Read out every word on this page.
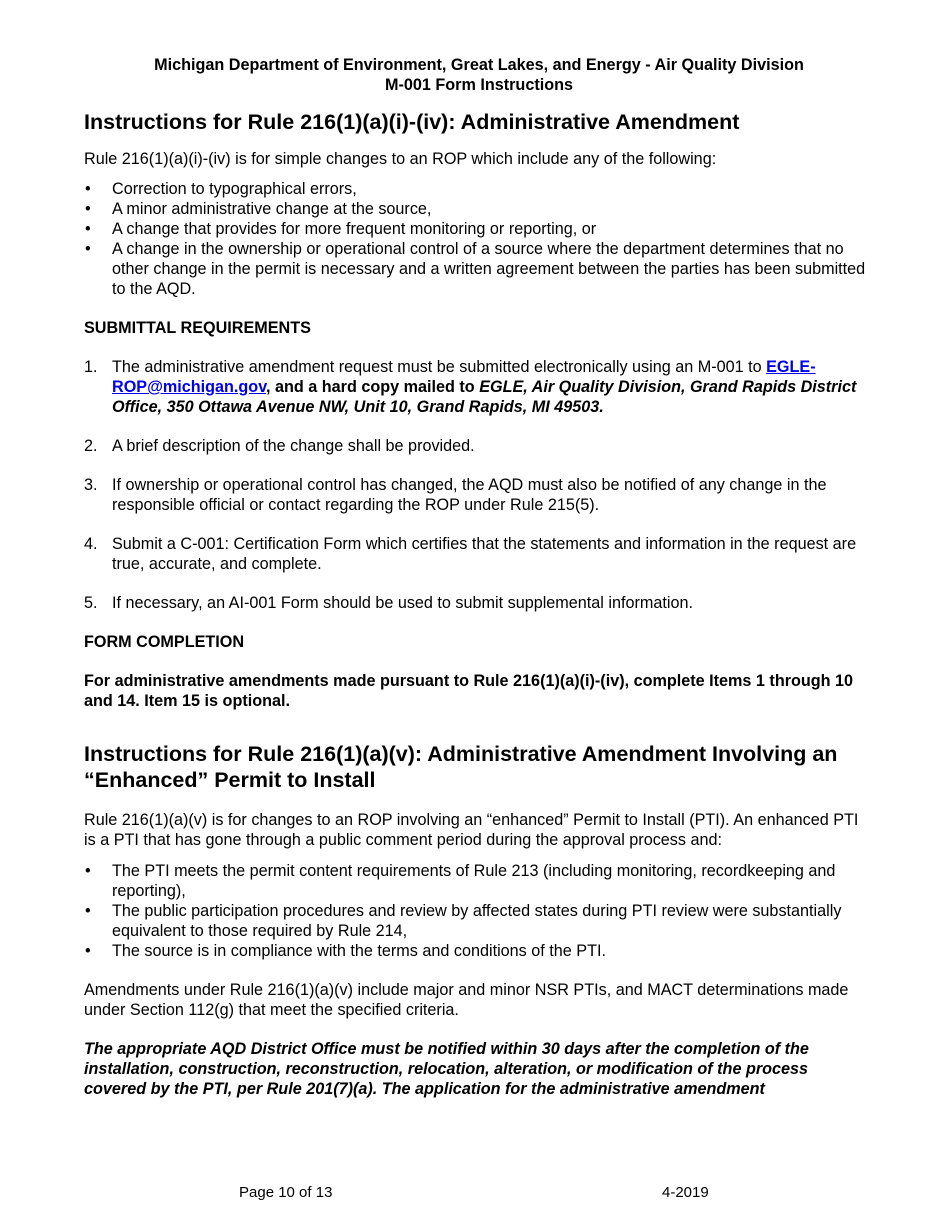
Michigan Department of Environment, Great Lakes, and Energy - Air Quality Division
M-001 Form Instructions
Instructions for Rule 216(1)(a)(i)-(iv): Administrative Amendment

Rule 216(1)(a)(i)-(iv) is for simple changes to an ROP which include any of the following:

• Correction to typographical errors,
• A minor administrative change at the source,
• A change that provides for more frequent monitoring or reporting, or
• A change in the ownership or operational control of a source where the department determines that no other change in the permit is necessary and a written agreement between the parties has been submitted to the AQD.

SUBMITTAL REQUIREMENTS

1. The administrative amendment request must be submitted electronically using an M-001 to EGLE-ROP@michigan.gov, and a hard copy mailed to EGLE, Air Quality Division, Grand Rapids District Office, 350 Ottawa Avenue NW, Unit 10, Grand Rapids, MI 49503.
2. A brief description of the change shall be provided.
3. If ownership or operational control has changed, the AQD must also be notified of any change in the responsible official or contact regarding the ROP under Rule 215(5).
4. Submit a C-001: Certification Form which certifies that the statements and information in the request are true, accurate, and complete.
5. If necessary, an AI-001 Form should be used to submit supplemental information.

FORM COMPLETION

For administrative amendments made pursuant to Rule 216(1)(a)(i)-(iv), complete Items 1 through 10 and 14. Item 15 is optional.

Instructions for Rule 216(1)(a)(v): Administrative Amendment Involving an “Enhanced” Permit to Install

Rule 216(1)(a)(v) is for changes to an ROP involving an “enhanced” Permit to Install (PTI). An enhanced PTI is a PTI that has gone through a public comment period during the approval process and:

• The PTI meets the permit content requirements of Rule 213 (including monitoring, recordkeeping and reporting),
• The public participation procedures and review by affected states during PTI review were substantially equivalent to those required by Rule 214,
• The source is in compliance with the terms and conditions of the PTI.

Amendments under Rule 216(1)(a)(v) include major and minor NSR PTIs, and MACT determinations made under Section 112(g) that meet the specified criteria.

The appropriate AQD District Office must be notified within 30 days after the completion of the installation, construction, reconstruction, relocation, alteration, or modification of the process covered by the PTI, per Rule 201(7)(a). The application for the administrative amendment

Page 10 of 13	4-2019
